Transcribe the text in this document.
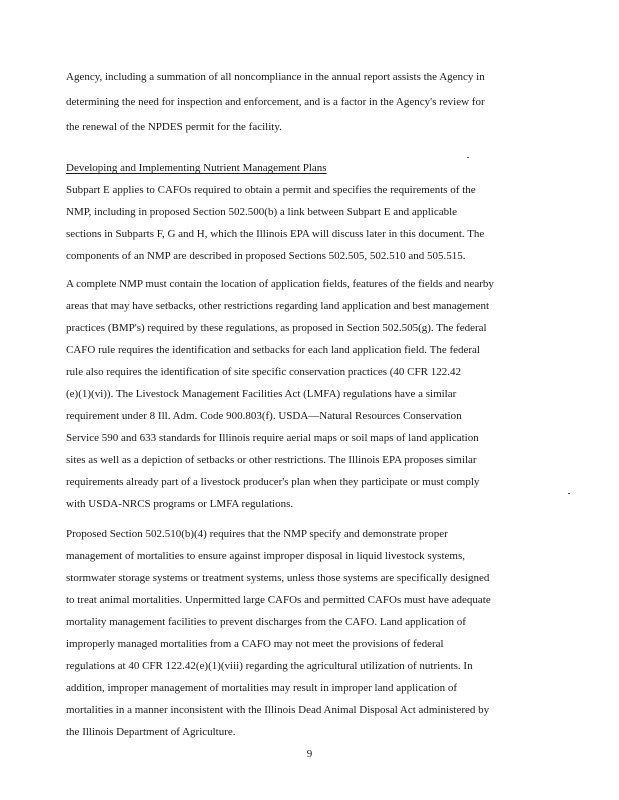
Agency, including a summation of all noncompliance in the annual report assists the Agency in

determining the need for inspection and enforcement, and is a factor in the Agency's review for

the renewal of the NPDES permit for the facility.

Developing and Implementing Nutrient Management Plans

Subpart E applies to CAFOs required to obtain a permit and specifies the requirements of the

NMP, including in proposed Section 502.500(b) a link between Subpart E and applicable

sections in Subparts F, G and H, which the Illinois EPA will discuss later in this document. The

components of an NMP are described in proposed Sections 502.505, 502.510 and 505.515.

A complete NMP must contain the location of application fields, features of the fields and nearby

areas that may have setbacks, other restrictions regarding land application and best management

practices (BMP's) required by these regulations, as proposed in Section 502.505(g). The federal

CAFO rule requires the identification and setbacks for each land application field. The federal

rule also requires the identification of site specific conservation practices (40 CFR 122.42

(e)(1)(vi)). The Livestock Management Facilities Act (LMFA) regulations have a similar

requirement under 8 Ill. Adm. Code 900.803(f). USDA—Natural Resources Conservation

Service 590 and 633 standards for Illinois require aerial maps or soil maps of land application

sites as well as a depiction of setbacks or other restrictions. The Illinois EPA proposes similar

requirements already part of a livestock producer's plan when they participate or must comply

with USDA-NRCS programs or LMFA regulations.

Proposed Section 502.510(b)(4) requires that the NMP specify and demonstrate proper

management of mortalities to ensure against improper disposal in liquid livestock systems,

stormwater storage systems or treatment systems, unless those systems are specifically designed

to treat animal mortalities. Unpermitted large CAFOs and permitted CAFOs must have adequate

mortality management facilities to prevent discharges from the CAFO. Land application of

improperly managed mortalities from a CAFO may not meet the provisions of federal

regulations at 40 CFR 122.42(e)(1)(viii) regarding the agricultural utilization of nutrients. In

addition, improper management of mortalities may result in improper land application of

mortalities in a manner inconsistent with the Illinois Dead Animal Disposal Act administered by

the Illinois Department of Agriculture.

9
